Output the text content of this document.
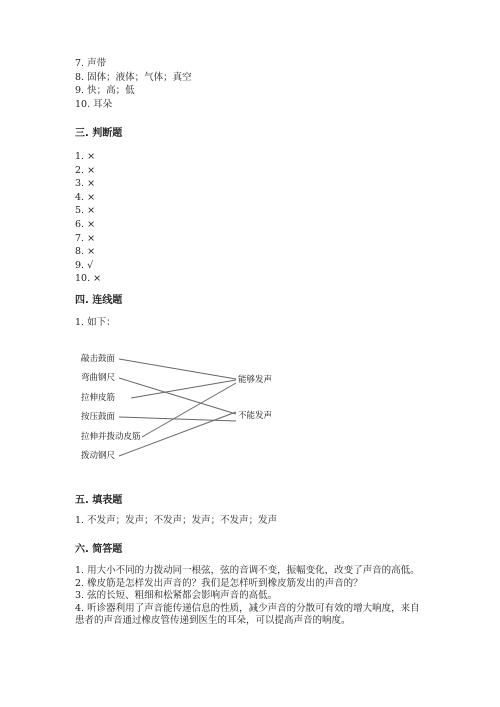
7. 声带
8. 固体；液体；气体；真空
9. 快；高；低
10. 耳朵
三. 判断题
1. ×
2. ×
3. ×
4. ×
5. ×
6. ×
7. ×
8. ×
9. √
10. ×
四. 连线题
1. 如下：
敲击鼓面
弯曲钢尺
拉伸皮筋
按压鼓面
拉伸并拨动皮筋
拨动钢尺
能够发声
不能发声
五. 填表题
1. 不发声；发声；不发声；发声；不发声；发声
六. 简答题
1. 用大小不同的力拨动同一根弦，弦的音调不变，振幅变化，改变了声音的高低。
2. 橡皮筋是怎样发出声音的？我们是怎样听到橡皮筋发出的声音的？
3. 弦的长短、粗细和松紧都会影响声音的高低。
4. 听诊器利用了声音能传递信息的性质，减少声音的分散可有效的增大响度，来自患者的声音通过橡皮管传递到医生的耳朵，可以提高声音的响度。
